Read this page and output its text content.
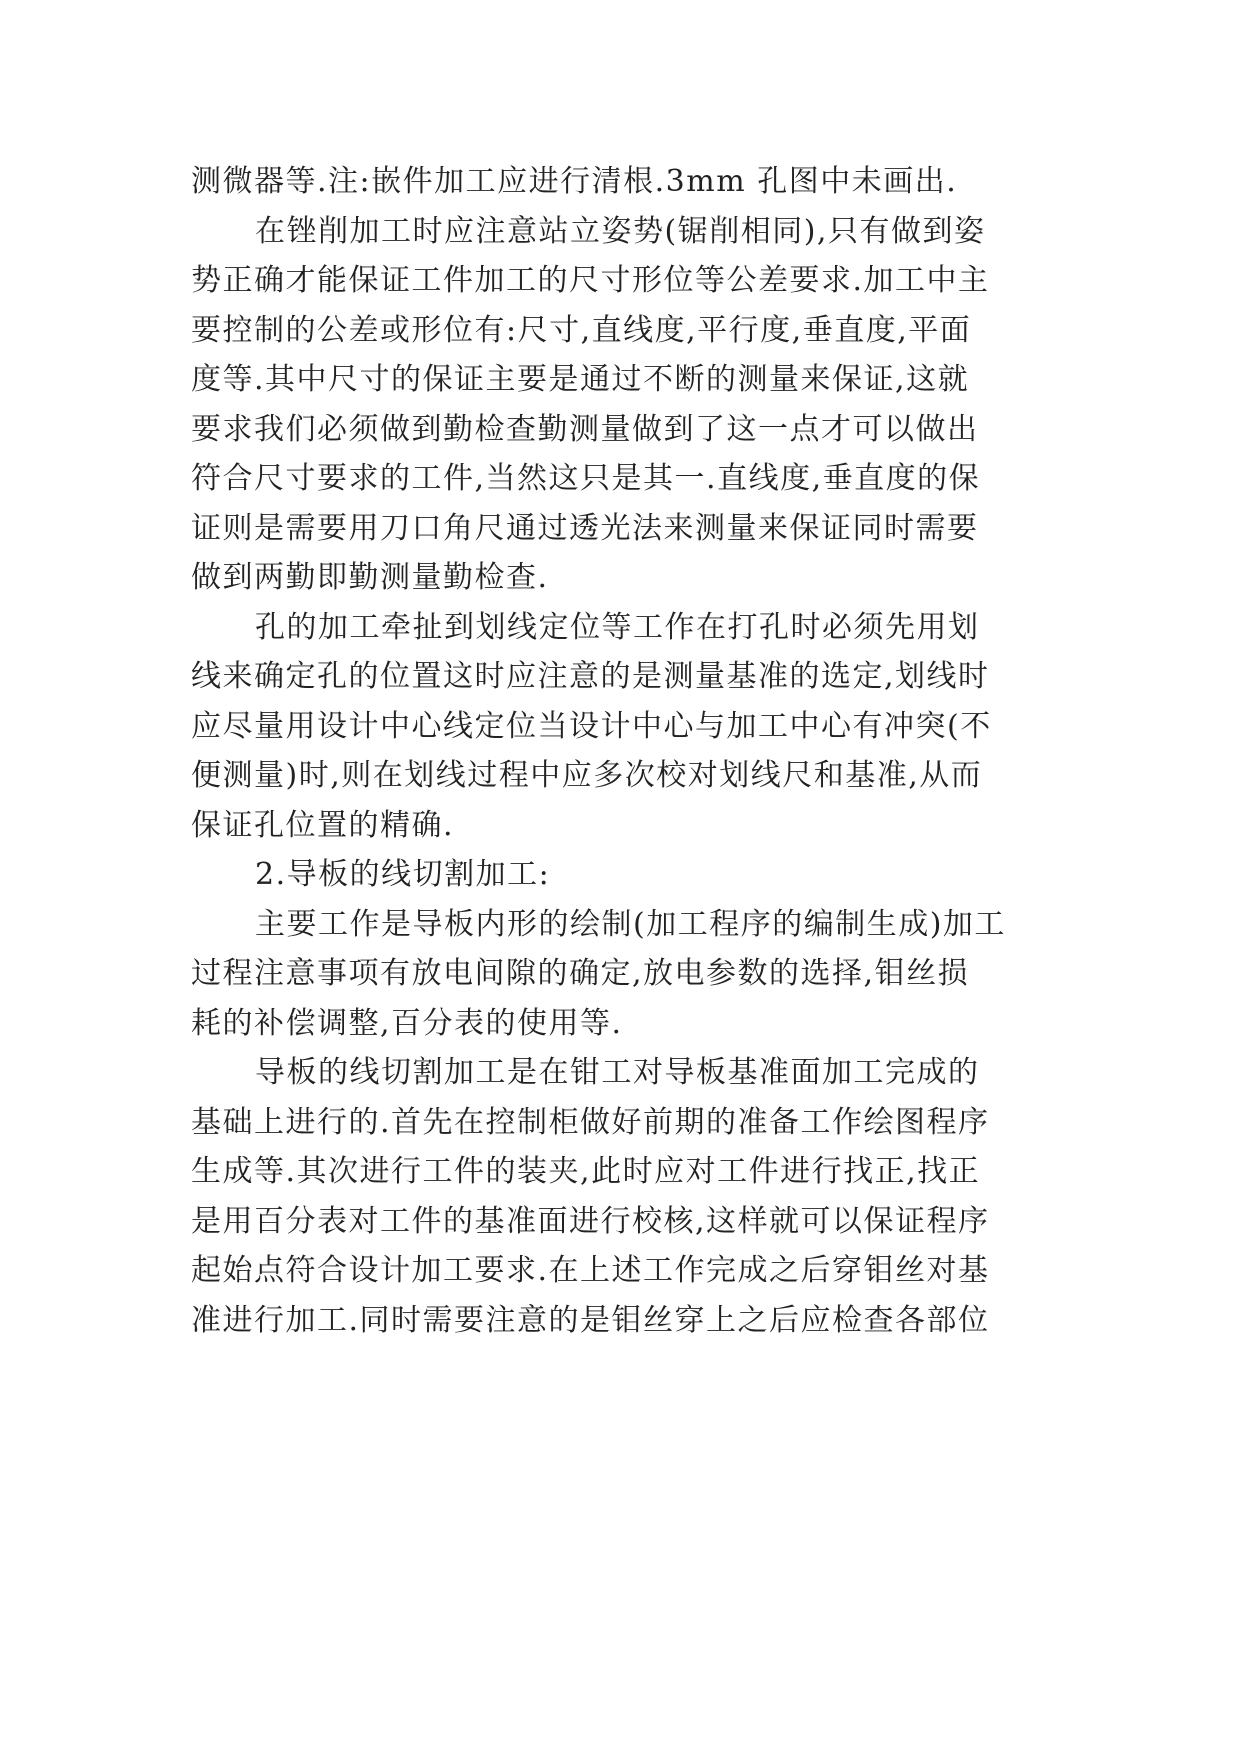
测微器等.注:嵌件加工应进行清根.3mm 孔图中未画出.
在锉削加工时应注意站立姿势(锯削相同),只有做到姿
势正确才能保证工件加工的尺寸形位等公差要求.加工中主
要控制的公差或形位有:尺寸,直线度,平行度,垂直度,平面
度等.其中尺寸的保证主要是通过不断的测量来保证,这就
要求我们必须做到勤检查勤测量做到了这一点才可以做出
符合尺寸要求的工件,当然这只是其一.直线度,垂直度的保
证则是需要用刀口角尺通过透光法来测量来保证同时需要
做到两勤即勤测量勤检查.
孔的加工牵扯到划线定位等工作在打孔时必须先用划
线来确定孔的位置这时应注意的是测量基准的选定,划线时
应尽量用设计中心线定位当设计中心与加工中心有冲突(不
便测量)时,则在划线过程中应多次校对划线尺和基准,从而
保证孔位置的精确.
2.导板的线切割加工:
主要工作是导板内形的绘制(加工程序的编制生成)加工
过程注意事项有放电间隙的确定,放电参数的选择,钼丝损
耗的补偿调整,百分表的使用等.
导板的线切割加工是在钳工对导板基准面加工完成的
基础上进行的.首先在控制柜做好前期的准备工作绘图程序
生成等.其次进行工件的装夹,此时应对工件进行找正,找正
是用百分表对工件的基准面进行校核,这样就可以保证程序
起始点符合设计加工要求.在上述工作完成之后穿钼丝对基
准进行加工.同时需要注意的是钼丝穿上之后应检查各部位
